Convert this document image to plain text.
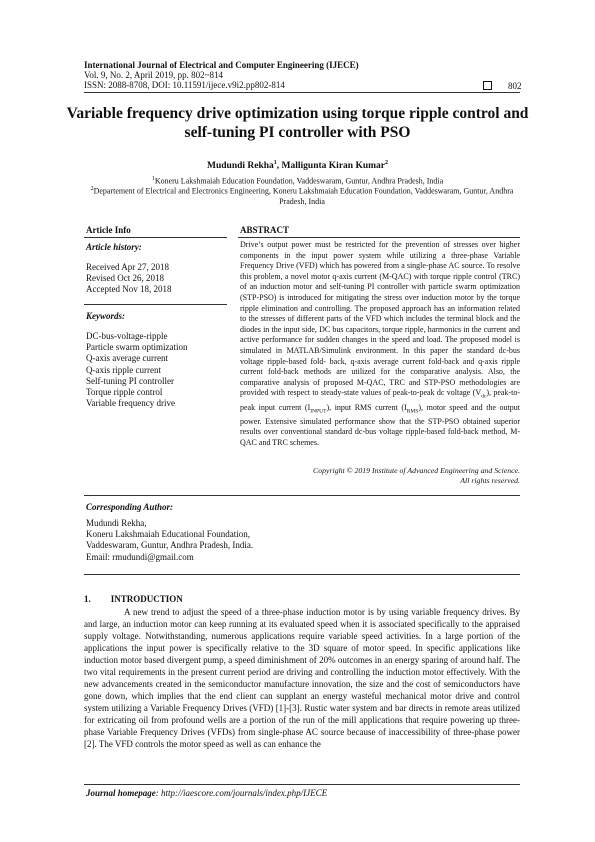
International Journal of Electrical and Computer Engineering (IJECE)
Vol. 9, No. 2, April 2019, pp. 802~814
ISSN: 2088-8708, DOI: 10.11591/ijece.v9i2.pp802-814	802
Variable frequency drive optimization using torque ripple control and self-tuning PI controller with PSO
Mudundi Rekha$^1$, Malligunta Kiran Kumar$^2$
$^1$Koneru Lakshmaiah Education Foundation, Vaddeswaram, Guntur, Andhra Pradesh, India
$^2$Departement of Electrical and Electronics Engineering, Koneru Lakshmaiah Education Foundation, Vaddeswaram, Guntur, Andhra Pradesh, India
Article Info
Article history:
Received Apr 27, 2018
Revised Oct 26, 2018
Accepted Nov 18, 2018
Keywords:
DC-bus-voltage-ripple
Particle swarm optimization
Q-axis average current
Q-axis ripple current
Self-tuning PI controller
Torque ripple control
Variable frequency drive
ABSTRACT
Drive’s output power must be restricted for the prevention of stresses over higher components in the input power system while utilizing a three-phase Variable Frequency Drive (VFD) which has powered from a single-phase AC source. To resolve this problem, a novel motor q-axis current (M-QAC) with torque ripple control (TRC) of an induction motor and self-tuning PI controller with particle swarm optimization (STP-PSO) is introduced for mitigating the stress over induction motor by the torque ripple elimination and controlling. The proposed approach has an information related to the stresses of different parts of the VFD which includes the terminal block and the diodes in the input side, DC bus capacitors, torque ripple, harmonics in the current and active performance for sudden changes in the speed and load. The proposed model is simulated in MATLAB/Simulink environment. In this paper the standard dc-bus voltage ripple-based fold- back, q-axis average current fold-back and q-axis ripple current fold-back methods are utilized for the comparative analysis. Also, the comparative analysis of proposed M-QAC, TRC and STP-PSO methodologies are provided with respect to steady-state values of peak-to-peak dc voltage $(V_{dc})$, peak-to-peak input current $(I_{INPUT})$, input RMS current $(I_{RMS})$, motor speed and the output power. Extensive simulated performance show that the STP-PSO obtained superior results over conventional standard dc-bus voltage ripple-based fold-back method, M-QAC and TRC schemes.
Copyright © 2019 Institute of Advanced Engineering and Science.
All rights reserved.
Corresponding Author:
Mudundi Rekha,
Koneru Lakshmaiah Educational Foundation,
Vaddeswaram, Guntur, Andhra Pradesh, India.
Email: rmudundi@gmail.com
1. INTRODUCTION

A new trend to adjust the speed of a three-phase induction motor is by using variable frequency drives. By and large, an induction motor can keep running at its evaluated speed when it is associated specifically to the appraised supply voltage. Notwithstanding, numerous applications require variable speed activities. In a large portion of the applications the input power is specifically relative to the 3D square of motor speed. In specific applications like induction motor based divergent pump, a speed diminishment of 20% outcomes in an energy sparing of around half. The two vital requirements in the present current period are driving and controlling the induction motor effectively. With the new advancements created in the semiconductor manufacture innovation, the size and the cost of semiconductors have gone down, which implies that the end client can supplant an energy wasteful mechanical motor drive and control system utilizing a Variable Frequency Drives (VFD) [1]-[3]. Rustic water system and bar directs in remote areas utilized for extricating oil from profound wells are a portion of the run of the mill applications that require powering up three-phase Variable Frequency Drives (VFDs) from single-phase AC source because of inaccessibility of three-phase power [2]. The VFD controls the motor speed as well as can enhance the

Journal homepage: http://iaescore.com/journals/index.php/IJECE
